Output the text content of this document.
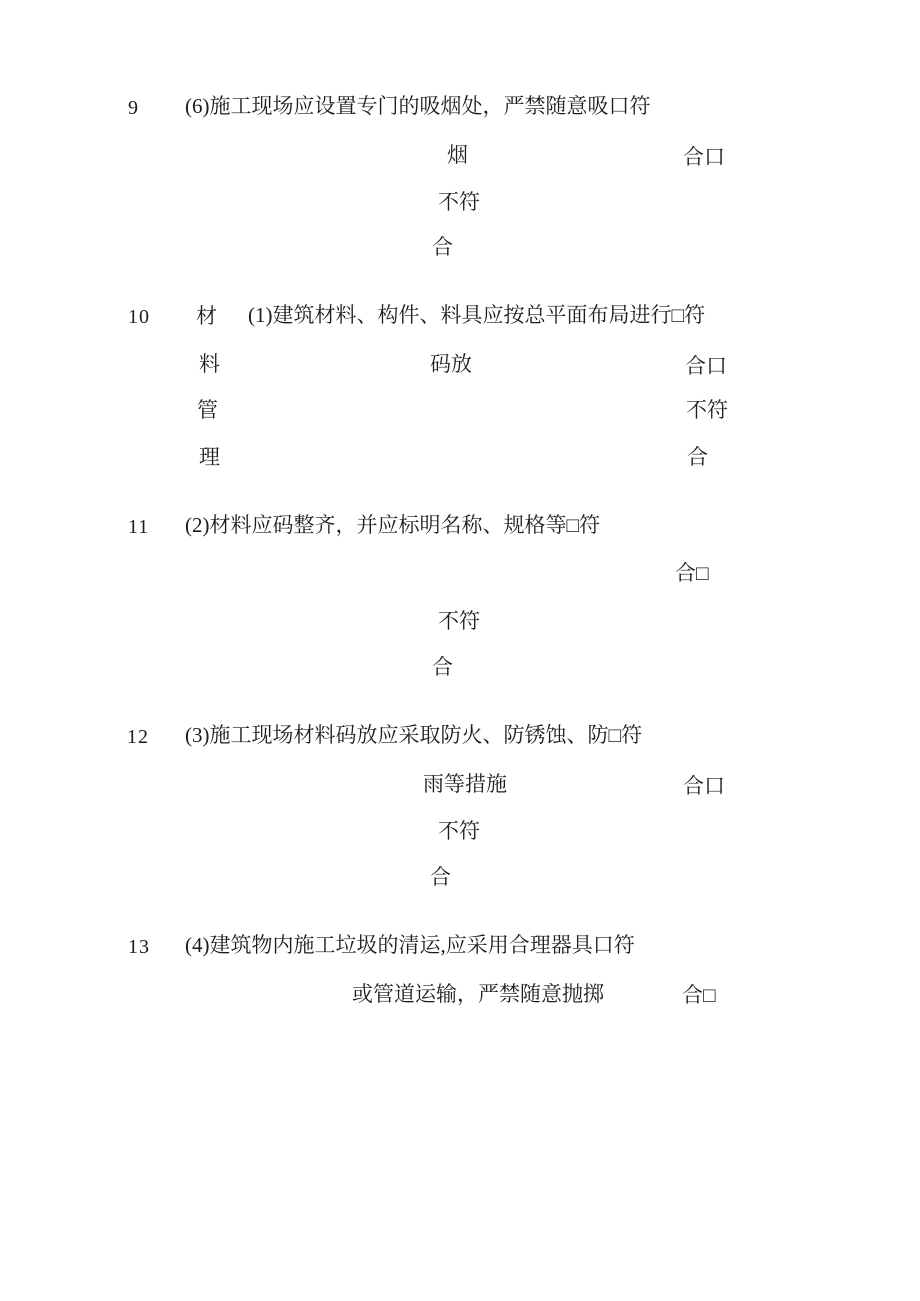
9 (6)施工现场应设置专门的吸烟处，严禁随意吸口符
烟	合口
不符
合
10 材 (1)建筑材料、构件、料具应按总平面布局进行□符
料	码放	合口
管	不符
理	合
11 (2)材料应码整齐，并应标明名称、规格等□符
合□
不符
合
12 (3)施工现场材料码放应采取防火、防锈蚀、防□符
雨等措施	合口
不符
合
13 (4)建筑物内施工垃圾的清运,应采用合理器具口符
或管道运输，严禁随意抛掷	合□
